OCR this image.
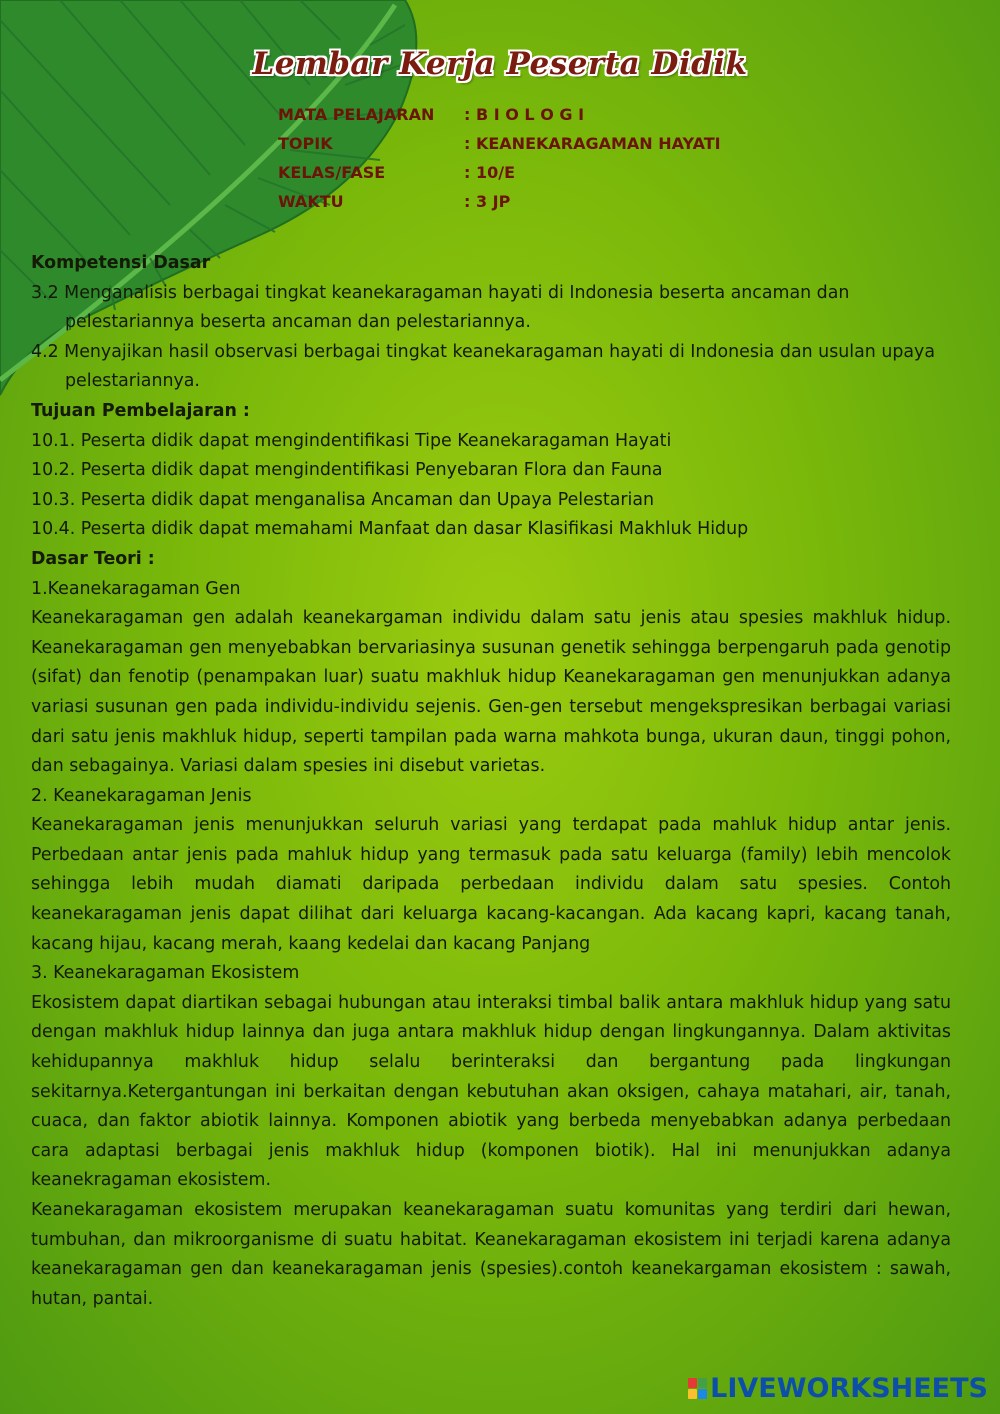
Lembar Kerja Peserta Didik
MATA PELAJARAN	: B I O L O G I
TOPIK	: KEANEKARAGAMAN HAYATI
KELAS/FASE	: 10/E
WAKTU	: 3 JP

Kompetensi Dasar

3.2 Menganalisis berbagai tingkat keanekaragaman hayati di Indonesia beserta ancaman dan pelestariannya beserta ancaman dan pelestariannya.

4.2 Menyajikan hasil observasi berbagai tingkat keanekaragaman hayati di Indonesia dan usulan upaya pelestariannya.

Tujuan Pembelajaran :

10.1. Peserta didik dapat mengindentifikasi Tipe Keanekaragaman Hayati

10.2. Peserta didik dapat mengindentifikasi Penyebaran Flora dan Fauna

10.3. Peserta didik dapat menganalisa Ancaman dan Upaya Pelestarian

10.4. Peserta didik dapat memahami Manfaat dan dasar Klasifikasi Makhluk Hidup

Dasar Teori :

1.Keanekaragaman Gen

Keanekaragaman gen adalah keanekargaman individu dalam satu jenis atau spesies makhluk hidup. Keanekaragaman gen menyebabkan bervariasinya susunan genetik sehingga berpengaruh pada genotip (sifat) dan fenotip (penampakan luar) suatu makhluk hidup Keanekaragaman gen menunjukkan adanya variasi susunan gen pada individu-individu sejenis. Gen-gen tersebut mengekspresikan berbagai variasi dari satu jenis makhluk hidup, seperti tampilan pada warna mahkota bunga, ukuran daun, tinggi pohon, dan sebagainya. Variasi dalam spesies ini disebut varietas.

2. Keanekaragaman Jenis

Keanekaragaman jenis menunjukkan seluruh variasi yang terdapat pada mahluk hidup antar jenis. Perbedaan antar jenis pada mahluk hidup yang termasuk pada satu keluarga (family) lebih mencolok sehingga lebih mudah diamati daripada perbedaan individu dalam satu spesies. Contoh keanekaragaman jenis dapat dilihat dari keluarga kacang-kacangan. Ada kacang kapri, kacang tanah, kacang hijau, kacang merah, kaang kedelai dan kacang Panjang

3. Keanekaragaman Ekosistem

Ekosistem dapat diartikan sebagai hubungan atau interaksi timbal balik antara makhluk hidup yang satu dengan makhluk hidup lainnya dan juga antara makhluk hidup dengan lingkungannya. Dalam aktivitas kehidupannya makhluk hidup selalu berinteraksi dan bergantung pada lingkungan sekitarnya.Ketergantungan ini berkaitan dengan kebutuhan akan oksigen, cahaya matahari, air, tanah, cuaca, dan faktor abiotik lainnya. Komponen abiotik yang berbeda menyebabkan adanya perbedaan cara adaptasi berbagai jenis makhluk hidup (komponen biotik). Hal ini menunjukkan adanya keanekragaman ekosistem.

Keanekaragaman ekosistem merupakan keanekaragaman suatu komunitas yang terdiri dari hewan, tumbuhan, dan mikroorganisme di suatu habitat. Keanekaragaman ekosistem ini terjadi karena adanya keanekaragaman gen dan keanekaragaman jenis (spesies).contoh keanekargaman ekosistem : sawah, hutan, pantai.

LIVEWORKSHEETS
